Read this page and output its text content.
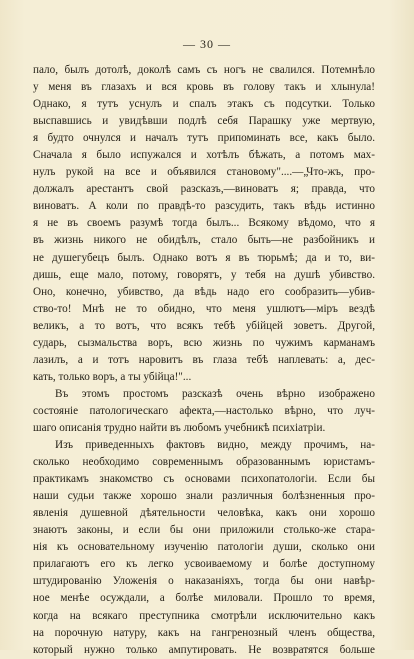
— 30 —
пало, былъ дотолѣ, доколѣ самъ съ ногъ не свалился. Потемнѣло
у меня въ глазахъ и вся кровь въ голову такъ и хлынула!
Однако, я тутъ уснулъ и спалъ этакъ съ подсутки. Только
выспавшись и увидѣвши подлѣ себя Парашку уже мертвую,
я будто очнулся и началъ тутъ припоминать все, какъ было.
Сначала я было испужался и хотѣлъ бѣжать, а потомъ мах-
нулъ рукой на все и объявился становому"....—„Что-жъ, про-
должалъ арестантъ свой разсказъ,—виноватъ я; правда, что
виноватъ. А коли по правдѣ-то разсудить, такъ вѣдь истинно
я не въ своемъ разумѣ тогда былъ... Всякому вѣдомо, что я
въ жизнь никого не обидѣлъ, сталo быть—не разбойникъ и
не душегубецъ былъ. Однако вотъ я въ тюрьмѣ; да и то, ви-
дишь, еще мало, потому, говорятъ, у тебя на душѣ убивство.
Оно, конечно, убивство, да вѣдь надо его сообразить—убив-
ство-то! Мнѣ не то обидно, что меня ушлютъ—міръ вездѣ
великъ, а то вотъ, что всякъ тебѣ убійцей зоветъ. Другой,
сударь, сызмальства воръ, всю жизнь по чужимъ карманамъ
лазилъ, а и тотъ наровитъ въ глаза тебѣ наплевать: а, дес-
кать, только воръ, а ты убійца!"...
Въ этомъ простомъ разсказѣ очень вѣрно изображено
состояніе патологическаго афекта,—настолько вѣрно, что луч-
шаго описанія трудно найти въ любомъ учебникѣ психіатріи.
Изъ приведенныхъ фактовъ видно, между прочимъ, на-
сколько необходимо современнымъ образованнымъ юристамъ-
практикамъ знакомство съ основами психопатологіи. Если бы
наши судьи также хорошо знали различныя болѣзненныя про-
явленія душевной дѣятельности человѣка, какъ они хорошо
знаютъ законы, и если бы они приложили столько-же стара-
нія къ основательному изученію патологіи души, сколько они
прилагаютъ его къ легко усвоиваемому и болѣе доступному
штудированію Уложенія о наказаніяхъ, тогда бы они навѣр-
ное менѣе осуждали, а болѣе миловали. Прошло то время,
когда на всякаго преступника смотрѣли исключительно какъ
на порочную натуру, какъ на гангренозный членъ общества,
который нужно только ампутировать. Не возвратятся больше
